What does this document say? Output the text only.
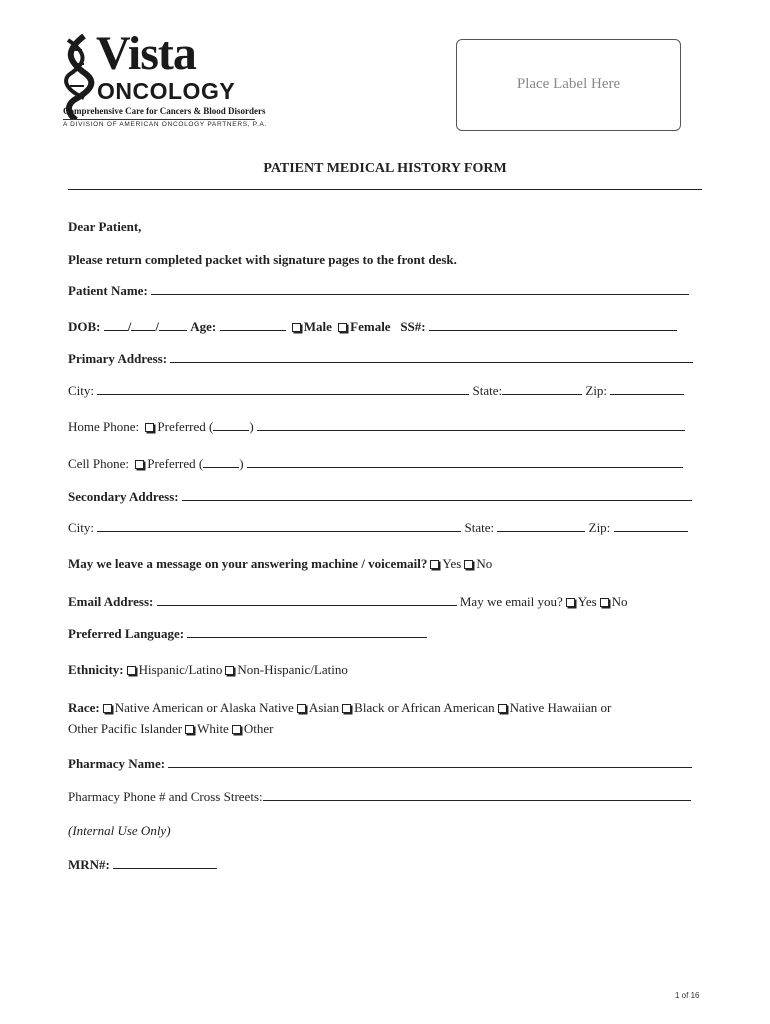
Vista
ONCOLOGY
Comprehensive Care for Cancers & Blood Disorders
A DIVISION OF AMERICAN ONCOLOGY PARTNERS, P.A.
Place Label Here
PATIENT MEDICAL HISTORY FORM
Dear Patient,
Please return completed packet with signature pages to the front desk.
Patient Name:
DOB: / / Age:	Male Female SS#:
Primary Address:
City:	State:	Zip:
Home Phone: Preferred (	)
Cell Phone: Preferred (	)
Secondary Address:
City:	State:	Zip:
May we leave a message on your answering machine / voicemail? Yes No
Email Address:	May we email you? Yes No
Preferred Language:
Ethnicity: Hispanic/Latino Non-Hispanic/Latino
Race: Native American or Alaska Native Asian Black or African American Native Hawaiian or
Other Pacific Islander White Other
Pharmacy Name:
Pharmacy Phone # and Cross Streets:
(Internal Use Only)
MRN#:
1 of 16
